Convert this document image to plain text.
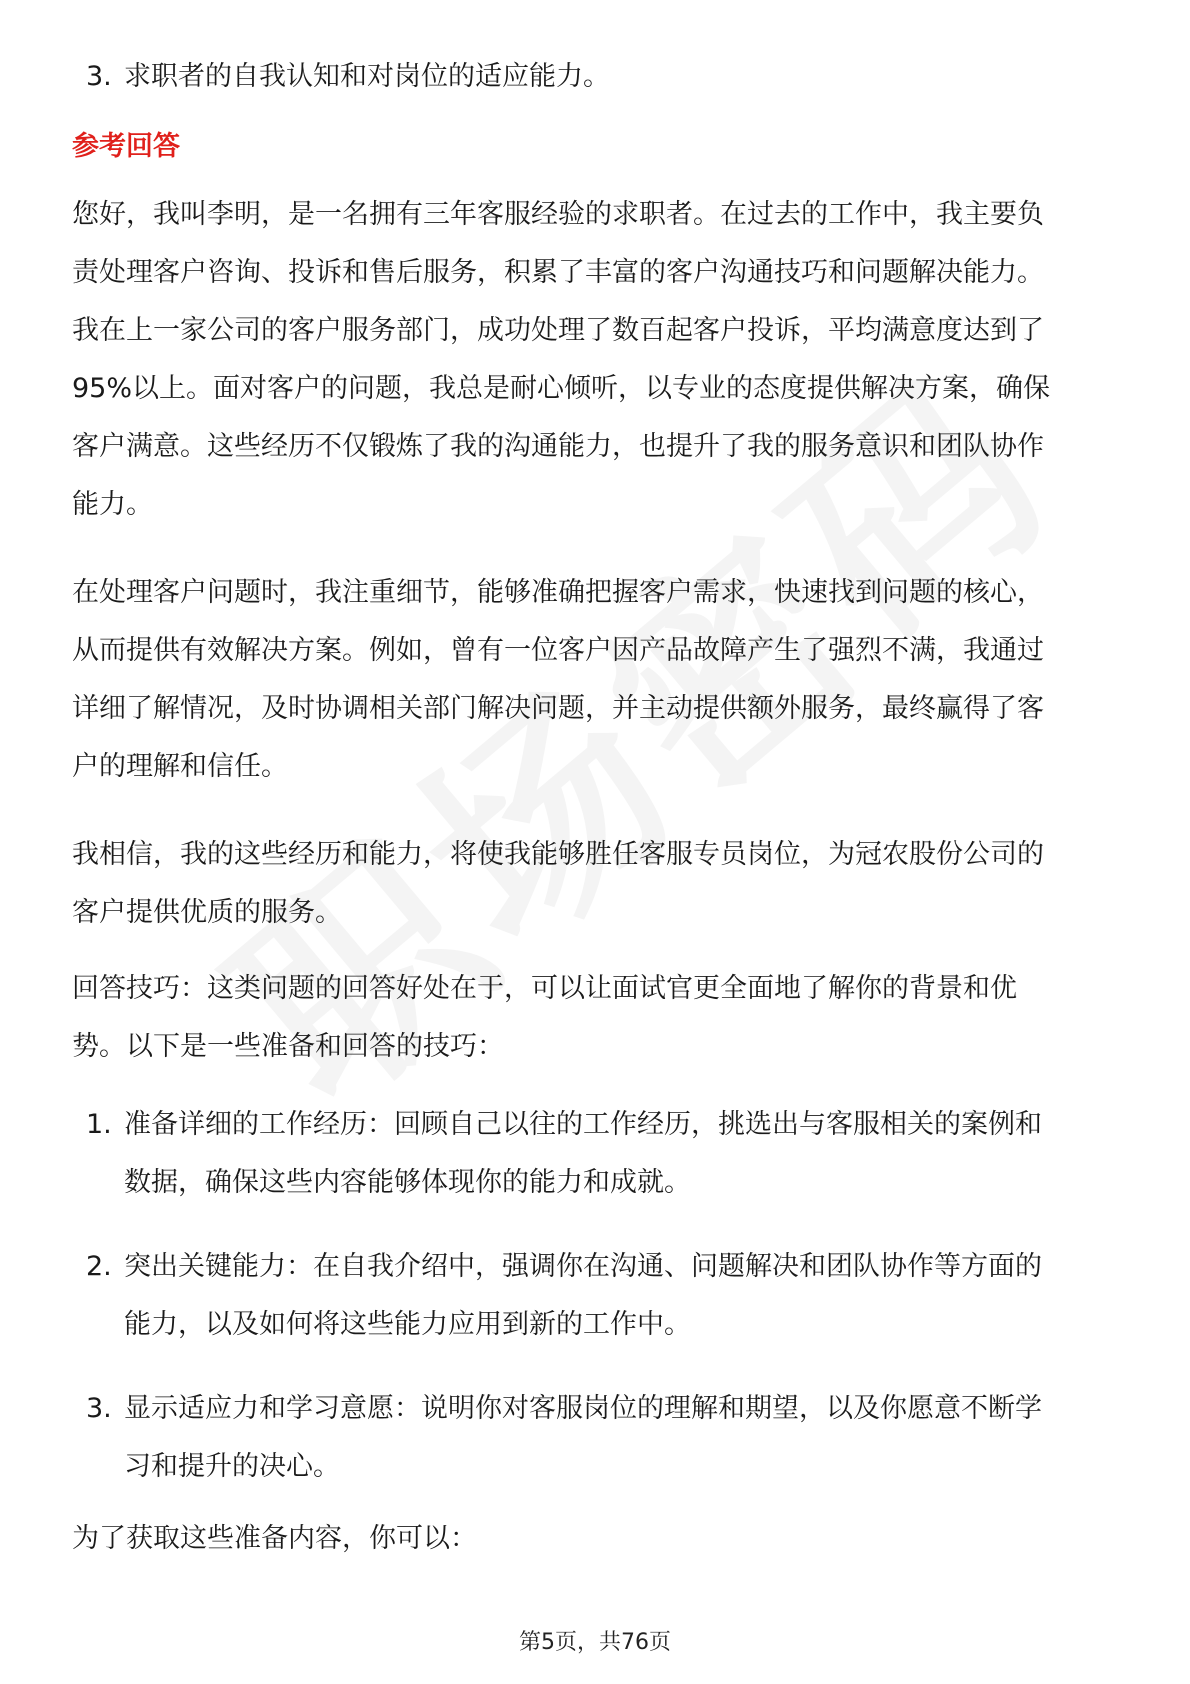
3. 求职者的自我认知和对岗位的适应能力。
参考回答
您好，我叫李明，是一名拥有三年客服经验的求职者。在过去的工作中，我主要负
责处理客户咨询、投诉和售后服务，积累了丰富的客户沟通技巧和问题解决能力。
我在上一家公司的客户服务部门，成功处理了数百起客户投诉，平均满意度达到了
95%以上。面对客户的问题，我总是耐心倾听，以专业的态度提供解决方案，确保
客户满意。这些经历不仅锻炼了我的沟通能力，也提升了我的服务意识和团队协作
能力。
在处理客户问题时，我注重细节，能够准确把握客户需求，快速找到问题的核心，
从而提供有效解决方案。例如，曾有一位客户因产品故障产生了强烈不满，我通过
详细了解情况，及时协调相关部门解决问题，并主动提供额外服务，最终赢得了客
户的理解和信任。
我相信，我的这些经历和能力，将使我能够胜任客服专员岗位，为冠农股份公司的
客户提供优质的服务。
回答技巧：这类问题的回答好处在于，可以让面试官更全面地了解你的背景和优
势。以下是一些准备和回答的技巧：
1. 准备详细的工作经历：回顾自己以往的工作经历，挑选出与客服相关的案例和
数据，确保这些内容能够体现你的能力和成就。
2. 突出关键能力：在自我介绍中，强调你在沟通、问题解决和团队协作等方面的
能力，以及如何将这些能力应用到新的工作中。
3. 显示适应力和学习意愿：说明你对客服岗位的理解和期望，以及你愿意不断学
习和提升的决心。
为了获取这些准备内容，你可以：
第5页，共76页
